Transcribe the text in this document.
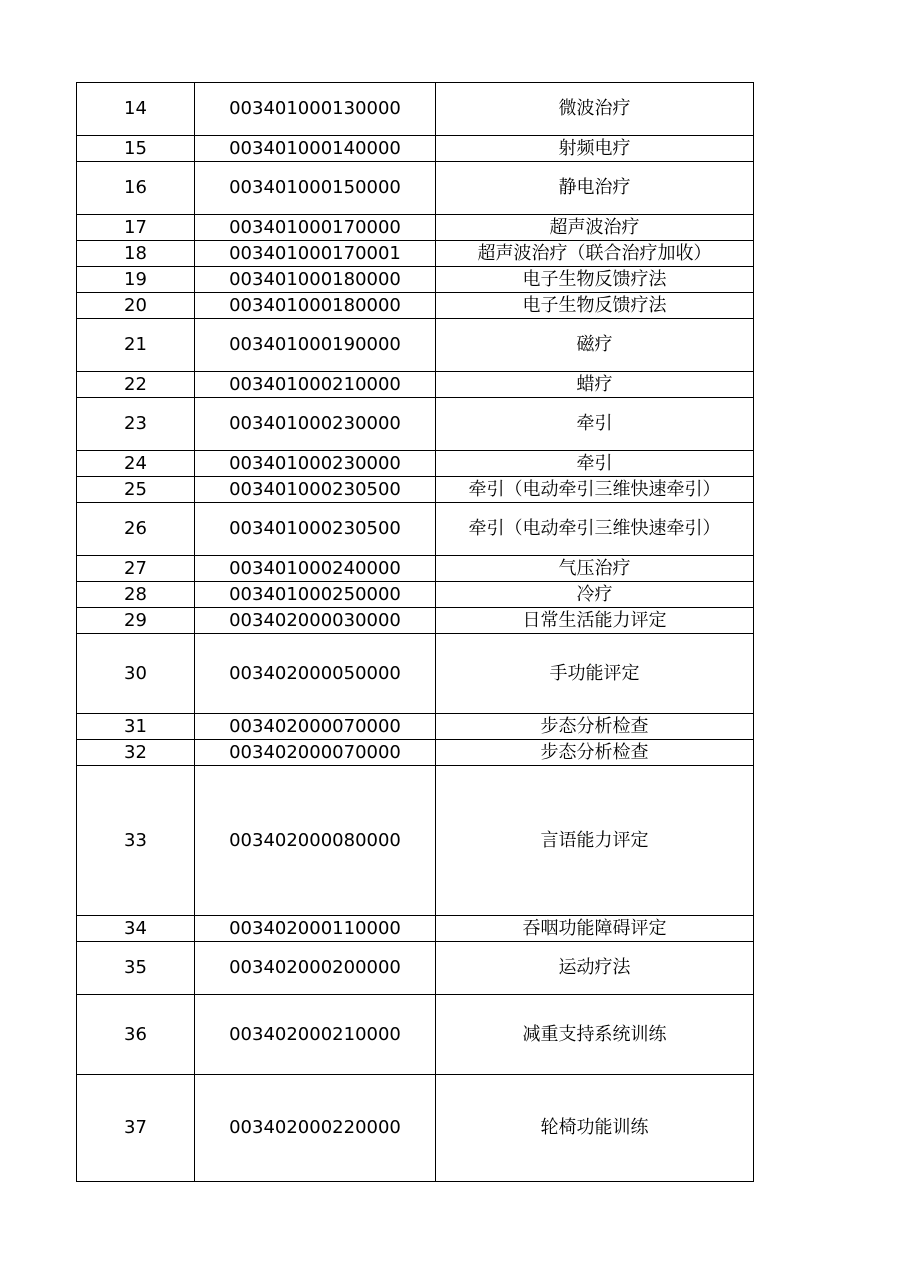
14	003401000130000	微波治疗
15	003401000140000	射频电疗
16	003401000150000	静电治疗
17	003401000170000	超声波治疗
18	003401000170001	超声波治疗（联合治疗加收）
19	003401000180000	电子生物反馈疗法
20	003401000180000	电子生物反馈疗法
21	003401000190000	磁疗
22	003401000210000	蜡疗
23	003401000230000	牵引
24	003401000230000	牵引
25	003401000230500	牵引（电动牵引三维快速牵引）
26	003401000230500	牵引（电动牵引三维快速牵引）
27	003401000240000	气压治疗
28	003401000250000	冷疗
29	003402000030000	日常生活能力评定
30	003402000050000	手功能评定
31	003402000070000	步态分析检查
32	003402000070000	步态分析检查
33	003402000080000	言语能力评定
34	003402000110000	吞咽功能障碍评定
35	003402000200000	运动疗法
36	003402000210000	减重支持系统训练
37	003402000220000	轮椅功能训练
